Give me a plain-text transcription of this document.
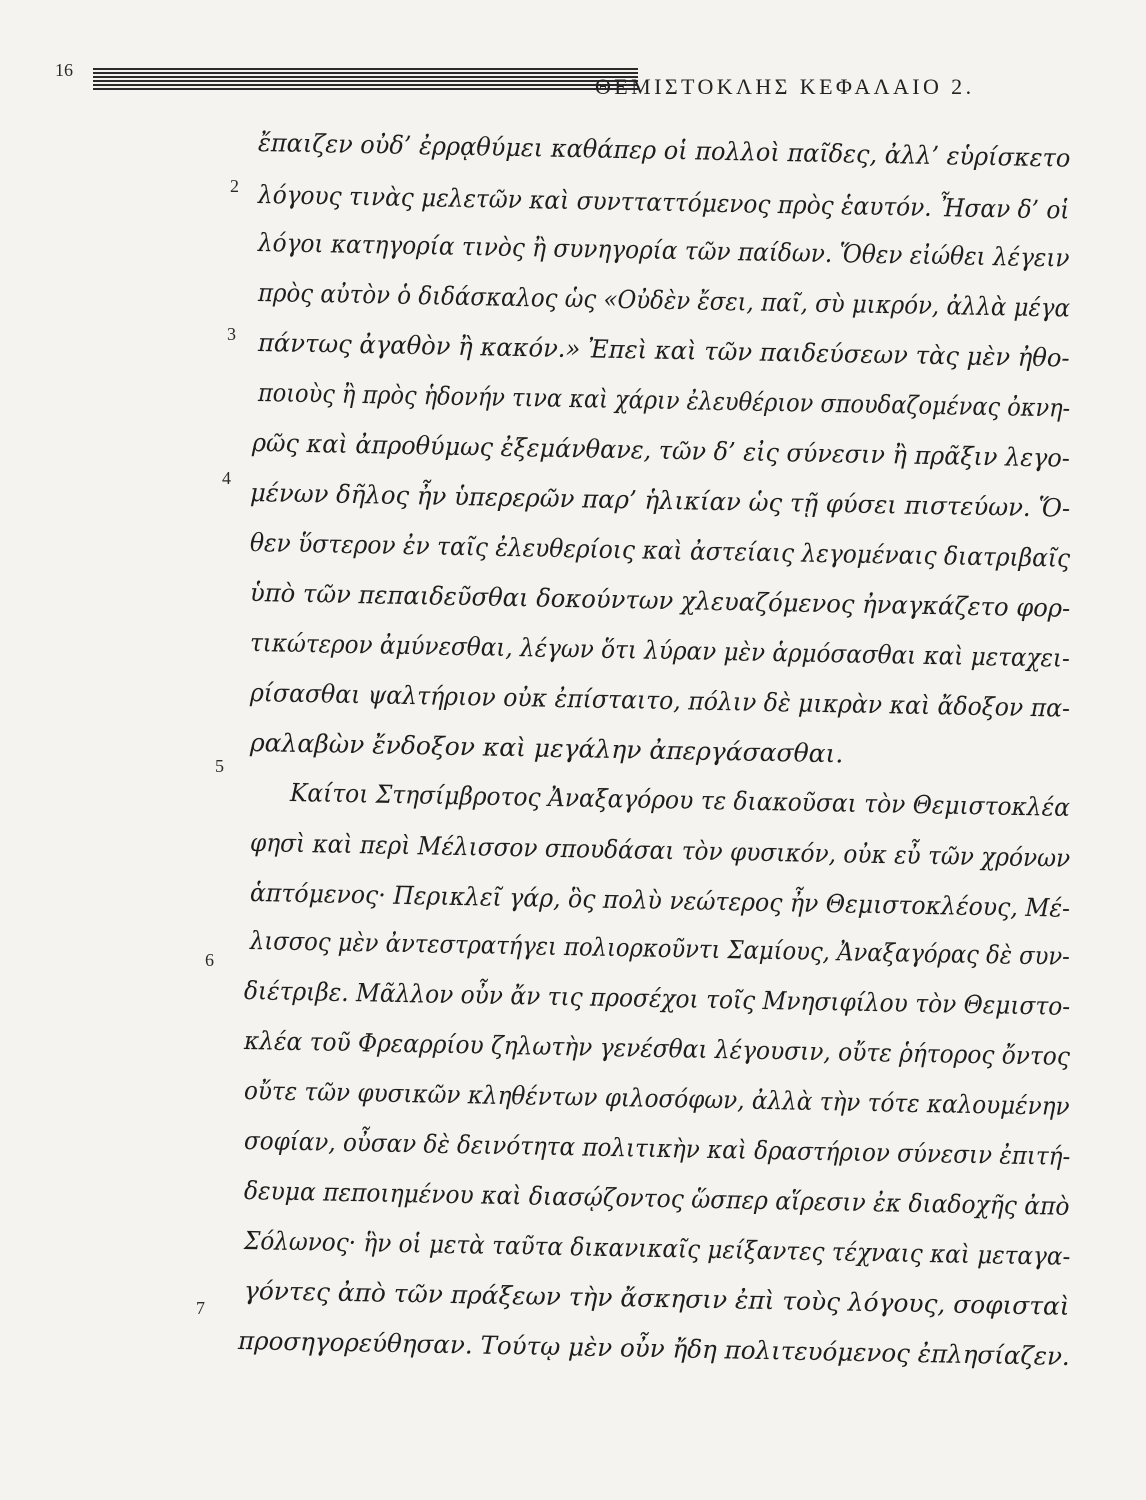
16
ΘΕΜΙΣΤΟΚΛΗΣ ΚΕΦΑΛΑΙΟ 2.
ἔπαιζεν οὐδ’ ἐρρᾳθύμει καθάπερ οἱ πολλοὶ παῖδες, ἀλλ’ εὑρίσκετο
λόγους τινὰς μελετῶν καὶ συντταττόμενος πρὸς ἑαυτόν. Ἦσαν δ’ οἱ
λόγοι κατηγορία τινὸς ἢ συνηγορία τῶν παίδων. Ὅθεν εἰώθει λέγειν
πρὸς αὐτὸν ὁ διδάσκαλος ὡς «Οὐδὲν ἔσει, παῖ, σὺ μικρόν, ἀλλὰ μέγα
πάντως ἀγαθὸν ἢ κακόν.» Ἐπεὶ καὶ τῶν παιδεύσεων τὰς μὲν ἠθο-
ποιοὺς ἢ πρὸς ἡδονήν τινα καὶ χάριν ἐλευθέριον σπουδαζομένας ὀκνη-
ρῶς καὶ ἀπροθύμως ἐξεμάνθανε, τῶν δ’ εἰς σύνεσιν ἢ πρᾶξιν λεγο-
μένων δῆλος ἦν ὑπερερῶν παρ’ ἡλικίαν ὡς τῇ φύσει πιστεύων. Ὅ-
θεν ὕστερον ἐν ταῖς ἐλευθερίοις καὶ ἀστείαις λεγομέναις διατριβαῖς
ὑπὸ τῶν πεπαιδεῦσθαι δοκούντων χλευαζόμενος ἠναγκάζετο φορ-
τικώτερον ἀμύνεσθαι, λέγων ὅτι λύραν μὲν ἁρμόσασθαι καὶ μεταχει-
ρίσασθαι ψαλτήριον οὐκ ἐπίσταιτο, πόλιν δὲ μικρὰν καὶ ἄδοξον πα-
ραλαβὼν ἔνδοξον καὶ μεγάλην ἀπεργάσασθαι.
Καίτοι Στησίμβροτος Ἀναξαγόρου τε διακοῦσαι τὸν Θεμιστοκλέα
φησὶ καὶ περὶ Μέλισσον σπουδάσαι τὸν φυσικόν, οὐκ εὖ τῶν χρόνων
ἁπτόμενος· Περικλεῖ γάρ, ὃς πολὺ νεώτερος ἦν Θεμιστοκλέους, Μέ-
λισσος μὲν ἀντεστρατήγει πολιορκοῦντι Σαμίους, Ἀναξαγόρας δὲ συν-
διέτριβε. Μᾶλλον οὖν ἄν τις προσέχοι τοῖς Μνησιφίλου τὸν Θεμιστο-
κλέα τοῦ Φρεαρρίου ζηλωτὴν γενέσθαι λέγουσιν, οὔτε ῥήτορος ὄντος
οὔτε τῶν φυσικῶν κληθέντων φιλοσόφων, ἀλλὰ τὴν τότε καλουμένην
σοφίαν, οὖσαν δὲ δεινότητα πολιτικὴν καὶ δραστήριον σύνεσιν ἐπιτή-
δευμα πεποιημένου καὶ διασῴζοντος ὥσπερ αἵρεσιν ἐκ διαδοχῆς ἀπὸ
Σόλωνος· ἣν οἱ μετὰ ταῦτα δικανικαῖς μείξαντες τέχναις καὶ μεταγα-
γόντες ἀπὸ τῶν πράξεων τὴν ἄσκησιν ἐπὶ τοὺς λόγους, σοφισταὶ
προσηγορεύθησαν. Τούτῳ μὲν οὖν ἤδη πολιτευόμενος ἐπλησίαζεν.
2
3
4
5
6
7
